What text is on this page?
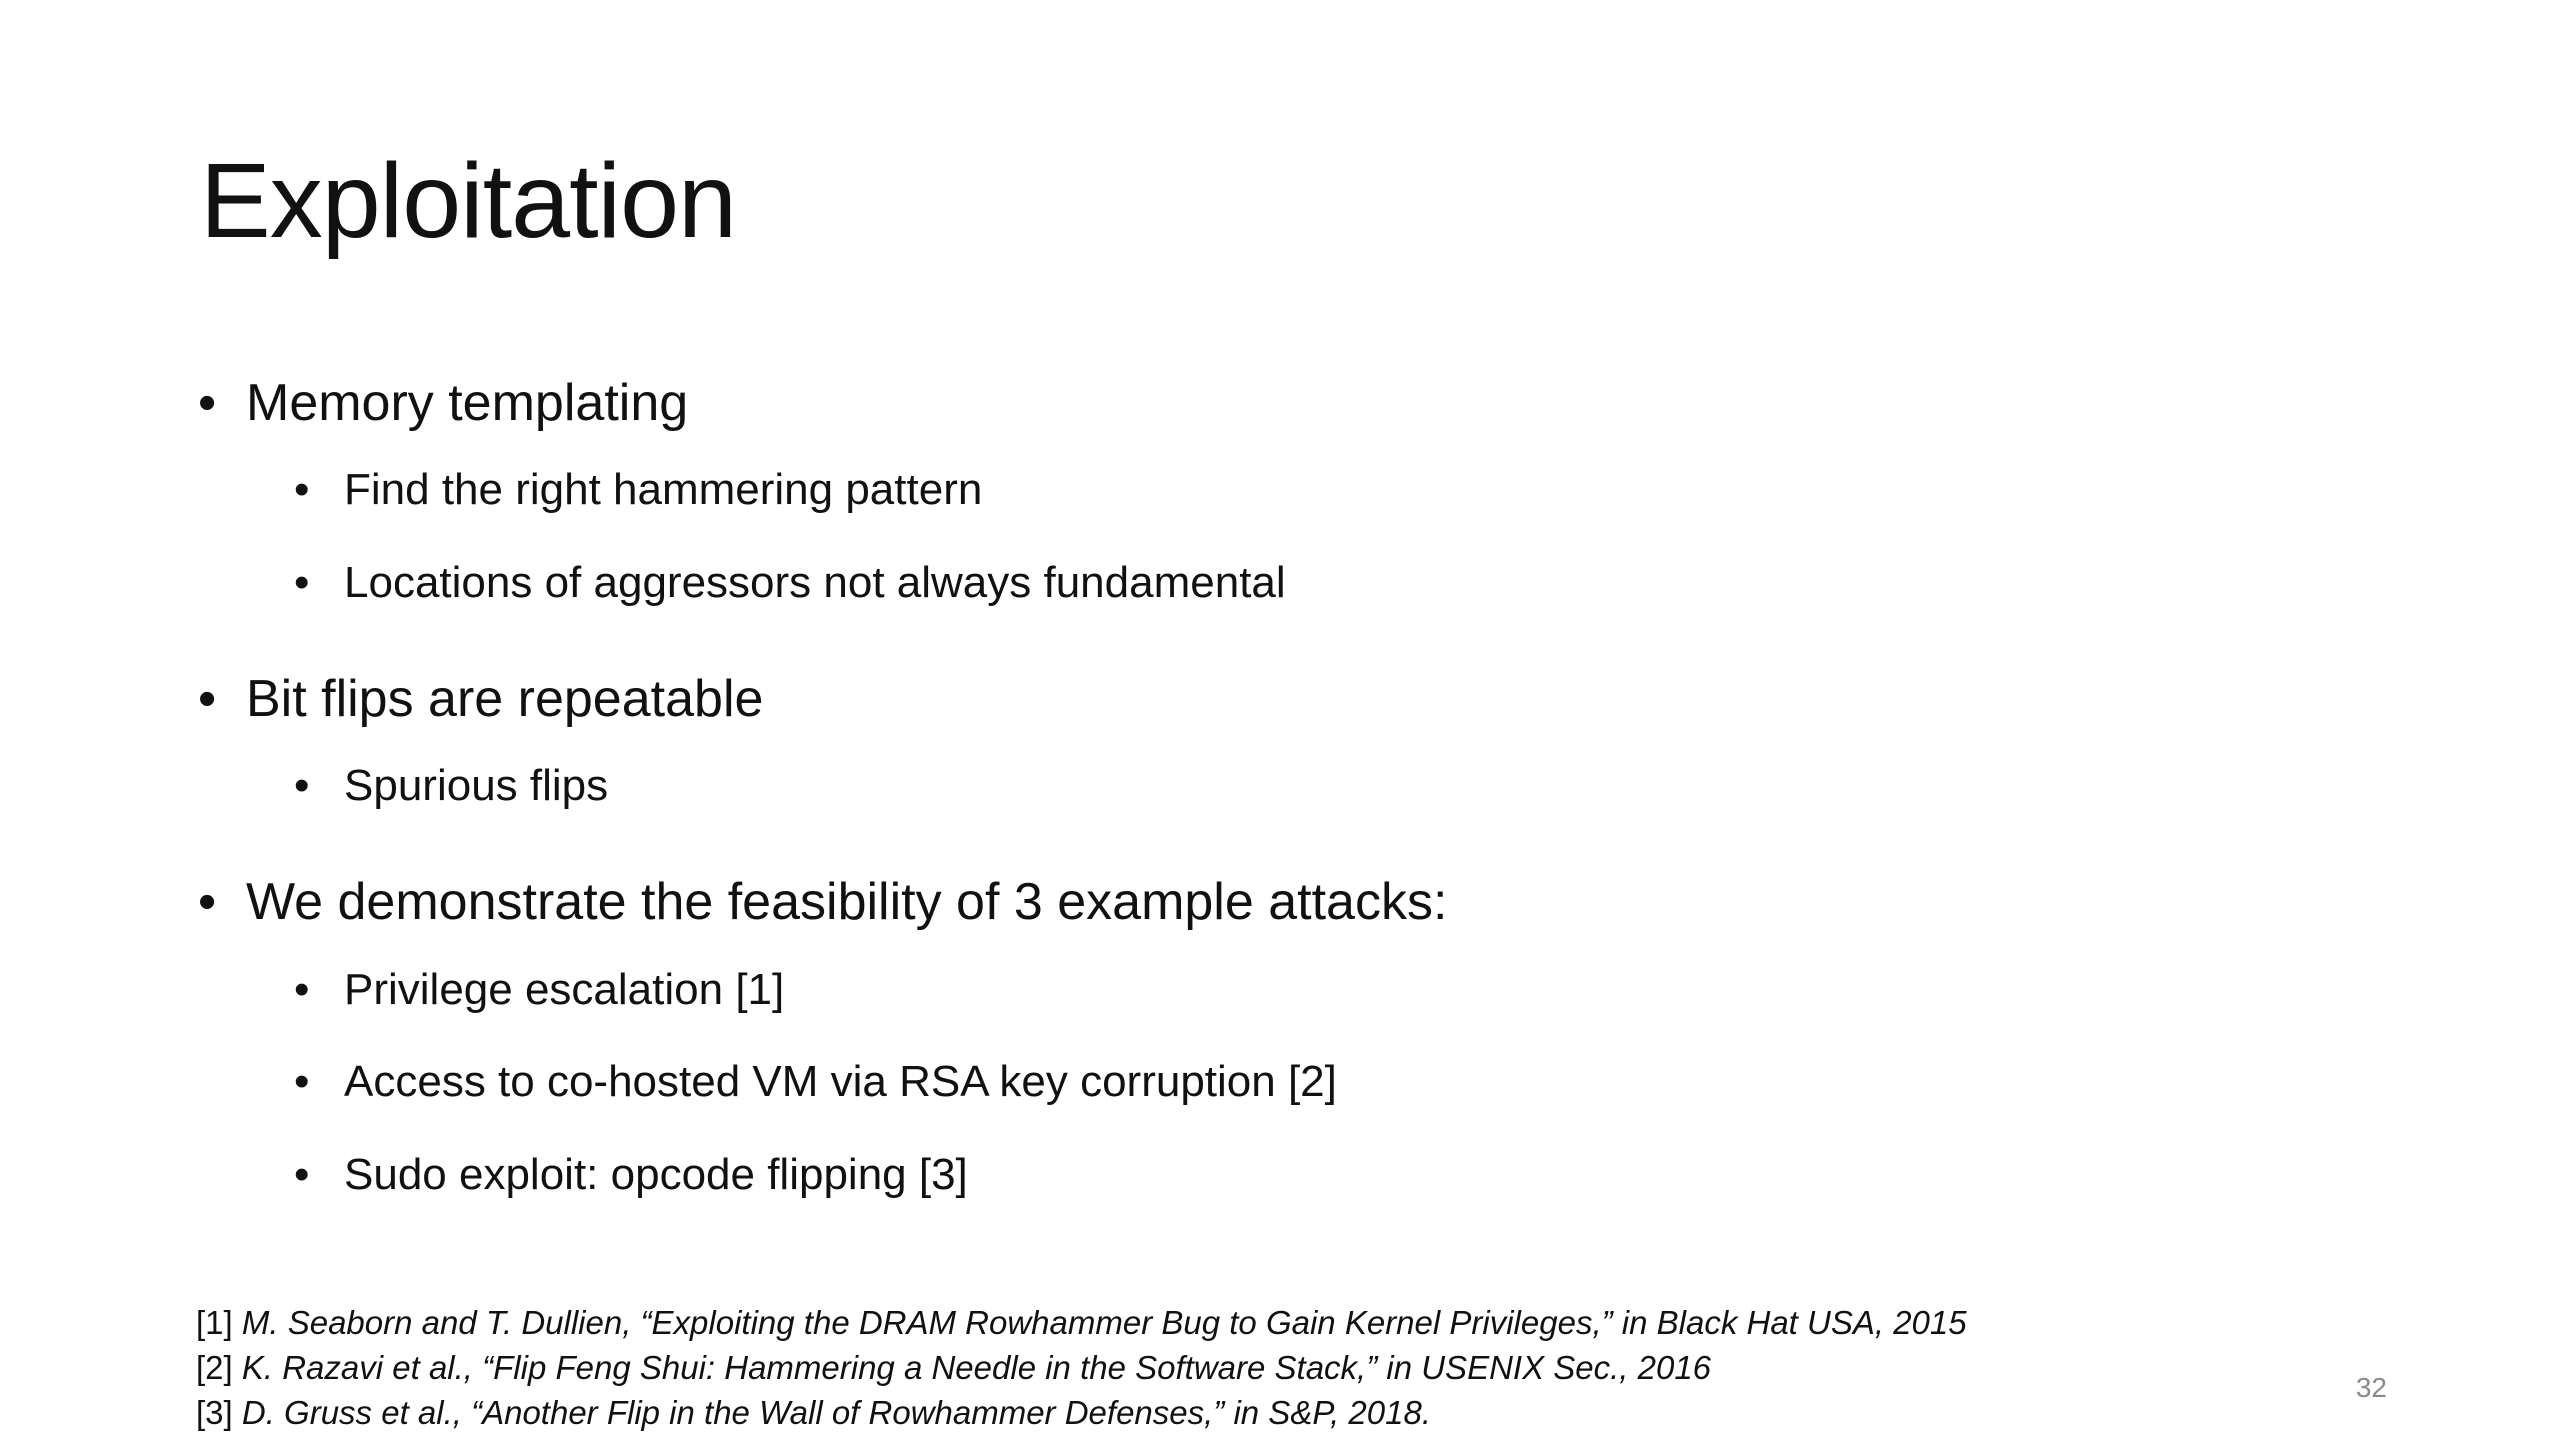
Exploitation
• Memory templating
• Find the right hammering pattern
• Locations of aggressors not always fundamental
• Bit flips are repeatable
• Spurious flips
• We demonstrate the feasibility of 3 example attacks:
• Privilege escalation [1]
• Access to co-hosted VM via RSA key corruption [2]
• Sudo exploit: opcode flipping [3]
[1] M. Seaborn and T. Dullien, “Exploiting the DRAM Rowhammer Bug to Gain Kernel Privileges,” in Black Hat USA, 2015
[2] K. Razavi et al., “Flip Feng Shui: Hammering a Needle in the Software Stack,” in USENIX Sec., 2016
[3] D. Gruss et al., “Another Flip in the Wall of Rowhammer Defenses,” in S&P, 2018.
32
